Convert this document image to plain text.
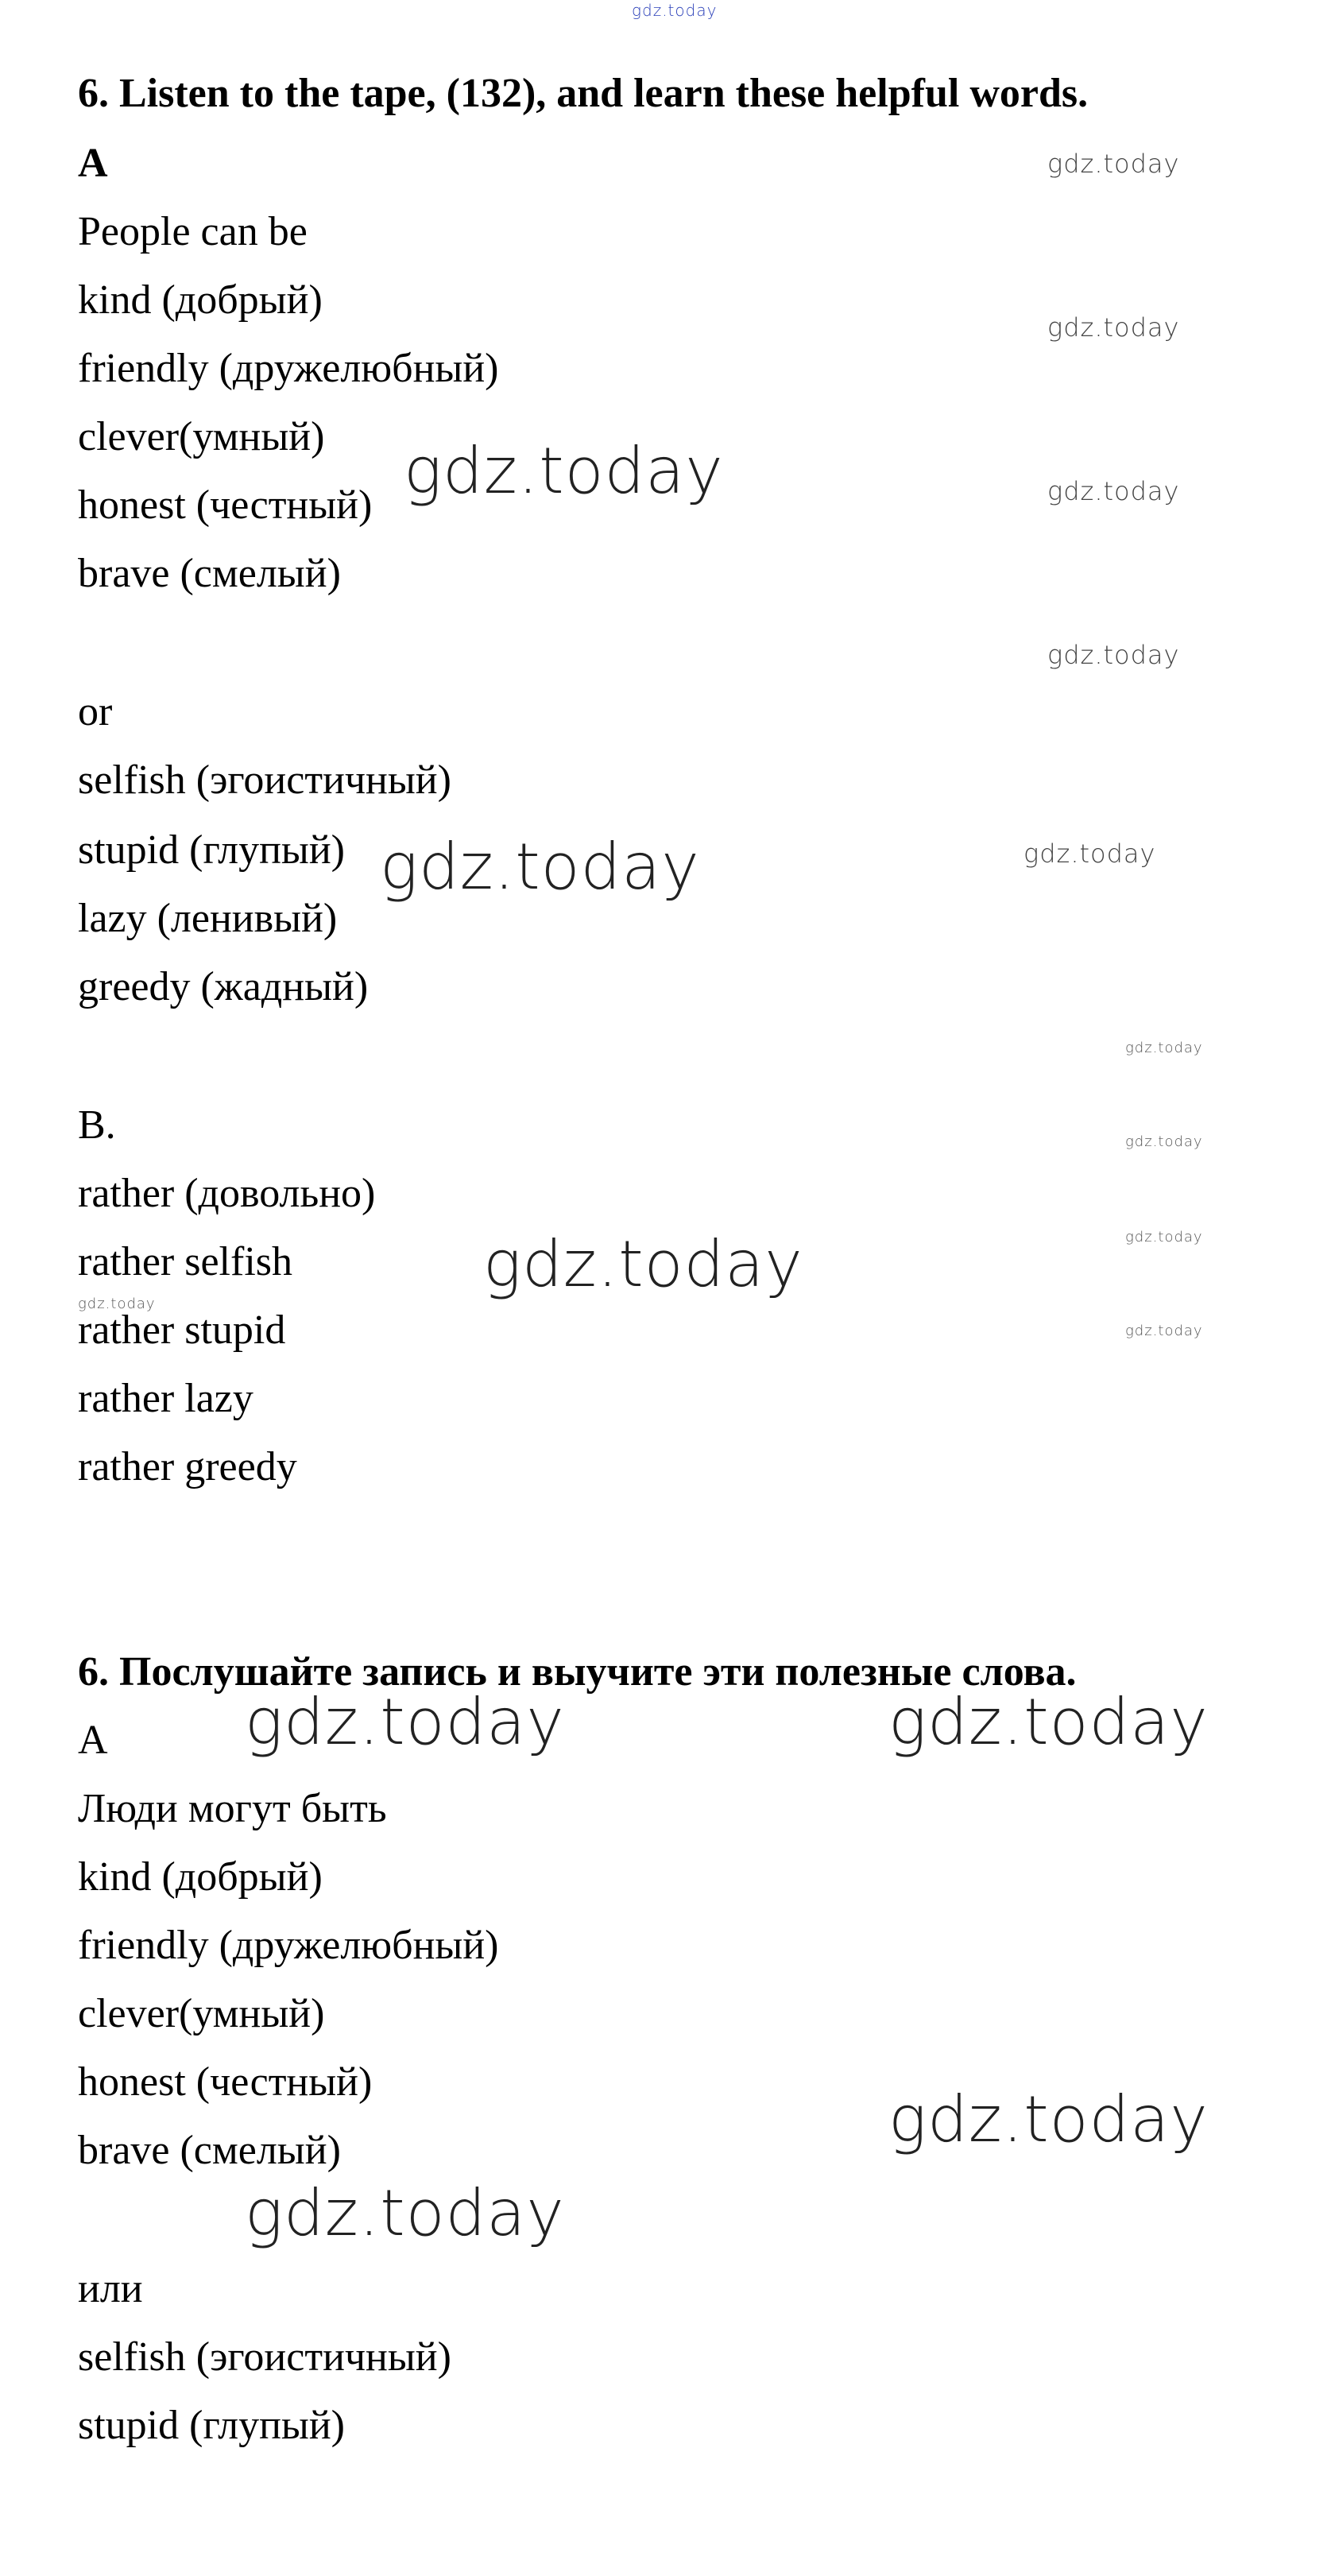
gdz.today
6. Listen to the tape, (132), and learn these helpful words.
A
People can be
kind (добрый)
friendly (дружелюбный)
clever(умный)
honest (честный)
brave (смелый)
or
selfish (эгоистичный)
stupid (глупый)
lazy (ленивый)
greedy (жадный)
B.
rather (довольно)
rather selfish
rather stupid
rather lazy
rather greedy
6. Послушайте запись и выучите эти полезные слова.
A
Люди могут быть
kind (добрый)
friendly (дружелюбный)
clever(умный)
honest (честный)
brave (смелый)
или
selfish (эгоистичный)
stupid (глупый)
gdz.today
gdz.today
gdz.today
gdz.today
gdz.today
gdz.today
gdz.today
gdz.today
gdz.today
gdz.today
gdz.today
gdz.today
gdz.today
gdz.today	gdz.today
gdz.today
gdz.today
